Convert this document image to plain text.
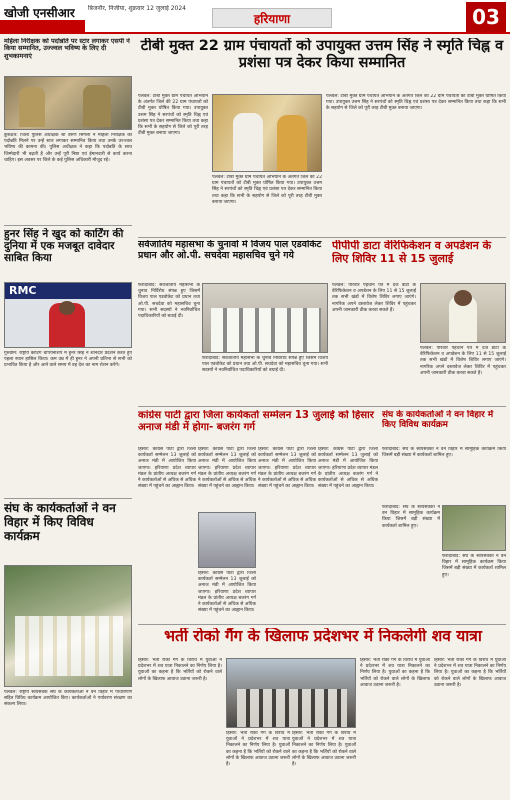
खोजी एनसीआर बिजनौर, निजीया, शुक्रवार 12 जुलाई 2024
हरियाणा	03
महिला निरीक्षक को पदोन्नति पर स्टार लगाकर एसपी ने किया सम्मानित, उज्ज्वल भविष्य के लिए दी शुभकामनाएं
कुरुक्षेत्र: जिला पुलिस अधीक्षक श्री वरुण सिंगला ने महिला निरीक्षक को पदोन्नति मिलने पर उन्हें स्टार लगाकर सम्मानित किया तथा उनके उज्ज्वल भविष्य की कामना की। पुलिस अधीक्षक ने कहा कि पदोन्नति के साथ जिम्मेदारी भी बढ़ती है और उन्हें पूरी निष्ठा एवं ईमानदारी से कार्य करना चाहिए। इस अवसर पर जिले के कई पुलिस अधिकारी मौजूद रहे।
हुनर सिंह ने खुद को कार्टिंग की दुनिया में एक मजबूत दावेदार साबित किया
RMC
गुरुग्राम: राष्ट्रीय कार्टिंग चैंपियनशिप में हुनर सिंह ने शानदार प्रदर्शन करते हुए पहला स्थान हासिल किया। कम उम्र में ही हुनर ने अपनी प्रतिभा से सभी को प्रभावित किया है और आने वाले समय में वह देश का नाम रोशन करेंगे।
संघ के कार्यकर्ताओं ने वन विहार में किए विविध कार्यक्रम
पलवल: राष्ट्रीय स्वयंसेवक संघ के कार्यकर्ताओं ने वन विहार में पौधारोपण सहित विविध कार्यक्रम आयोजित किए। कार्यकर्ताओं ने पर्यावरण संरक्षण का संकल्प लिया।
टीबी मुक्त 22 ग्राम पंचायतों को उपायुक्त उत्तम सिंह ने स्मृति चिह्न व प्रशंसा पत्र देकर किया सम्मानित
पलवल: टीबी मुक्त ग्राम पंचायत अभियान के अंतर्गत जिले की 22 ग्राम पंचायतों को टीबी मुक्त घोषित किया गया। उपायुक्त उत्तम सिंह ने सरपंचों को स्मृति चिह्न एवं प्रशंसा पत्र देकर सम्मानित किया तथा कहा कि सभी के सहयोग से जिले को पूरी तरह टीबी मुक्त बनाया जाएगा।
पलवल: टीबी मुक्त ग्राम पंचायत अभियान के अंतर्गत जिले की 22 ग्राम पंचायतों को टीबी मुक्त घोषित किया गया। उपायुक्त उत्तम सिंह ने सरपंचों को स्मृति चिह्न एवं प्रशंसा पत्र देकर सम्मानित किया तथा कहा कि सभी के सहयोग से जिले को पूरी तरह टीबी मुक्त बनाया जाएगा।
पलवल: टीबी मुक्त ग्राम पंचायत अभियान के अंतर्गत जिले की 22 ग्राम पंचायतों को टीबी मुक्त घोषित किया गया। उपायुक्त उत्तम सिंह ने सरपंचों को स्मृति चिह्न एवं प्रशंसा पत्र देकर सम्मानित किया तथा कहा कि सभी के सहयोग से जिले को पूरी तरह टीबी मुक्त बनाया जाएगा।
सर्वजातिय महासभा के चुनावों में विजय पाल एडवोकेट प्रधान और ओ.पी. सचदेवा महासचिव चुने गये
फरीदाबाद: सर्वजातीय महासभा के चुनाव निर्विरोध संपन्न हुए जिसमें विजय पाल एडवोकेट को प्रधान तथा ओ.पी. सचदेवा को महासचिव चुना गया। सभी सदस्यों ने नवनिर्वाचित पदाधिकारियों को बधाई दी।
फरीदाबाद: सर्वजातीय महासभा के चुनाव निर्विरोध संपन्न हुए जिसमें विजय पाल एडवोकेट को प्रधान तथा ओ.पी. सचदेवा को महासचिव चुना गया। सभी सदस्यों ने नवनिर्वाचित पदाधिकारियों को बधाई दी।
पीपीपी डाटा वेरिफिकेशन व अपडेशन के लिए शिविर 11 से 15 जुलाई
पलवल: परिवार पहचान पत्र में दर्ज डाटा के वेरिफिकेशन व अपडेशन के लिए 11 से 15 जुलाई तक सभी खंडों में विशेष शिविर लगाए जाएंगे। नागरिक अपने दस्तावेज लेकर शिविर में पहुंचकर अपनी जानकारी ठीक करवा सकते हैं।
पलवल: परिवार पहचान पत्र में दर्ज डाटा के वेरिफिकेशन व अपडेशन के लिए 11 से 15 जुलाई तक सभी खंडों में विशेष शिविर लगाए जाएंगे। नागरिक अपने दस्तावेज लेकर शिविर में पहुंचकर अपनी जानकारी ठीक करवा सकते हैं।
कांग्रेस पार्टी द्वारा जिला कार्यकर्ता सम्मेलन 13 जुलाई को हिसार अनाज मंडी में होगा- बजरंग गर्ग
हिसार: कांग्रेस पार्टी द्वारा जिला कार्यकर्ता सम्मेलन 13 जुलाई को अनाज मंडी में आयोजित किया जाएगा। हरियाणा प्रदेश व्यापार मंडल के प्रांतीय अध्यक्ष बजरंग गर्ग ने कार्यकर्ताओं से अधिक से अधिक संख्या में पहुंचने का आह्वान किया।
हिसार: कांग्रेस पार्टी द्वारा जिला कार्यकर्ता सम्मेलन 13 जुलाई को अनाज मंडी में आयोजित किया जाएगा। हरियाणा प्रदेश व्यापार मंडल के प्रांतीय अध्यक्ष बजरंग गर्ग ने कार्यकर्ताओं से अधिक से अधिक संख्या में पहुंचने का आह्वान किया।
हिसार: कांग्रेस पार्टी द्वारा जिला कार्यकर्ता सम्मेलन 13 जुलाई को अनाज मंडी में आयोजित किया जाएगा। हरियाणा प्रदेश व्यापार मंडल के प्रांतीय अध्यक्ष बजरंग गर्ग ने कार्यकर्ताओं से अधिक से अधिक संख्या में पहुंचने का आह्वान किया।
हिसार: कांग्रेस पार्टी द्वारा जिला कार्यकर्ता सम्मेलन 13 जुलाई को अनाज मंडी में आयोजित किया जाएगा। हरियाणा प्रदेश व्यापार मंडल के प्रांतीय अध्यक्ष बजरंग गर्ग ने कार्यकर्ताओं से अधिक से अधिक संख्या में पहुंचने का आह्वान किया।
हिसार: कांग्रेस पार्टी द्वारा जिला कार्यकर्ता सम्मेलन 13 जुलाई को अनाज मंडी में आयोजित किया जाएगा। हरियाणा प्रदेश व्यापार मंडल के प्रांतीय अध्यक्ष बजरंग गर्ग ने कार्यकर्ताओं से अधिक से अधिक संख्या में पहुंचने का आह्वान किया।
संघ के कार्यकर्ताओं ने वन विहार में किए विविध कार्यक्रम
फरीदाबाद: संघ के स्वयंसेवकों ने वन विहार में सामूहिक कार्यक्रम किया जिसमें बड़ी संख्या में कार्यकर्ता शामिल हुए।
फरीदाबाद: संघ के स्वयंसेवकों ने वन विहार में सामूहिक कार्यक्रम किया जिसमें बड़ी संख्या में कार्यकर्ता शामिल हुए।
फरीदाबाद: संघ के स्वयंसेवकों ने वन विहार में सामूहिक कार्यक्रम किया जिसमें बड़ी संख्या में कार्यकर्ता शामिल हुए।
भर्ती रोको गैंग के खिलाफ प्रदेशभर में निकलेगी शव यात्रा
हिसार: भर्ती रोको गैंग के विरोध में युवाओं ने प्रदेशभर में शव यात्रा निकालने का निर्णय लिया है। युवाओं का कहना है कि भर्तियों को रोकने वाले लोगों के खिलाफ आवाज उठाना जरूरी है।
हिसार: भर्ती रोको गैंग के विरोध में युवाओं ने प्रदेशभर में शव यात्रा निकालने का निर्णय लिया है। युवाओं का कहना है कि भर्तियों को रोकने वाले लोगों के खिलाफ आवाज उठाना जरूरी है।
हिसार: भर्ती रोको गैंग के विरोध में युवाओं ने प्रदेशभर में शव यात्रा निकालने का निर्णय लिया है। युवाओं का कहना है कि भर्तियों को रोकने वाले लोगों के खिलाफ आवाज उठाना जरूरी है।
हिसार: भर्ती रोको गैंग के विरोध में युवाओं ने प्रदेशभर में शव यात्रा निकालने का निर्णय लिया है। युवाओं का कहना है कि भर्तियों को रोकने वाले लोगों के खिलाफ आवाज उठाना जरूरी है।
हिसार: भर्ती रोको गैंग के विरोध में युवाओं ने प्रदेशभर में शव यात्रा निकालने का निर्णय लिया है। युवाओं का कहना है कि भर्तियों को रोकने वाले लोगों के खिलाफ आवाज उठाना जरूरी है।
